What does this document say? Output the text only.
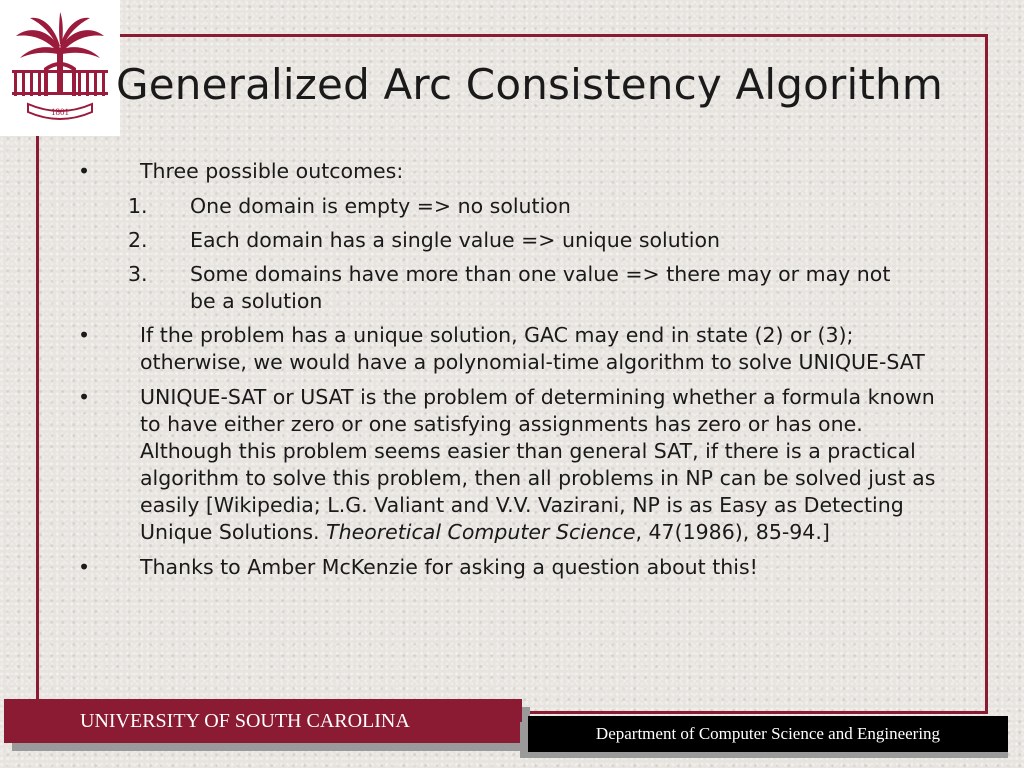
1801
Generalized Arc Consistency Algorithm
•	Three possible outcomes:
1. One domain is empty => no solution
2. Each domain has a single value => unique solution
3. Some domains have more than one value => there may or may not be a solution
• If the problem has a unique solution, GAC may end in state (2) or (3); otherwise, we would have a polynomial-time algorithm to solve UNIQUE-SAT
• UNIQUE-SAT or USAT is the problem of determining whether a formula known to have either zero or one satisfying assignments has zero or has one. Although this problem seems easier than general SAT, if there is a practical algorithm to solve this problem, then all problems in NP can be solved just as easily [Wikipedia; L.G. Valiant and V.V. Vazirani, NP is as Easy as Detecting Unique Solutions. Theoretical Computer Science, 47(1986), 85-94.]
• Thanks to Amber McKenzie for asking a question about this!
UNIVERSITY OF SOUTH CAROLINA
Department of Computer Science and Engineering
